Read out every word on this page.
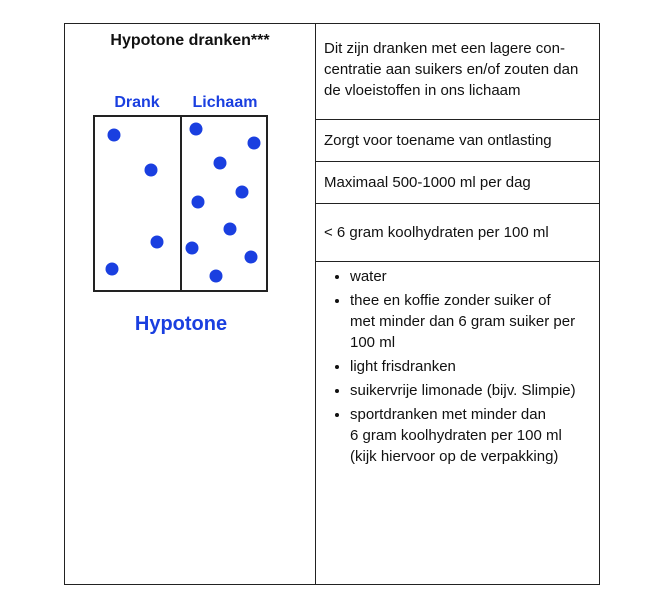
Hypotone dranken***
Drank Lichaam
Hypotone
Dit zijn dranken met een lagere con-
centratie aan suikers en/of zouten dan
de vloeistoffen in ons lichaam
Zorgt voor toename van ontlasting
Maximaal 500-1000 ml per dag
< 6 gram koolhydraten per 100 ml
• water
• thee en koffie zonder suiker of
met minder dan 6 gram suiker per
100 ml
• light frisdranken
• suikervrije limonade (bijv. Slimpie)
• sportdranken met minder dan
6 gram koolhydraten per 100 ml
(kijk hiervoor op de verpakking)
